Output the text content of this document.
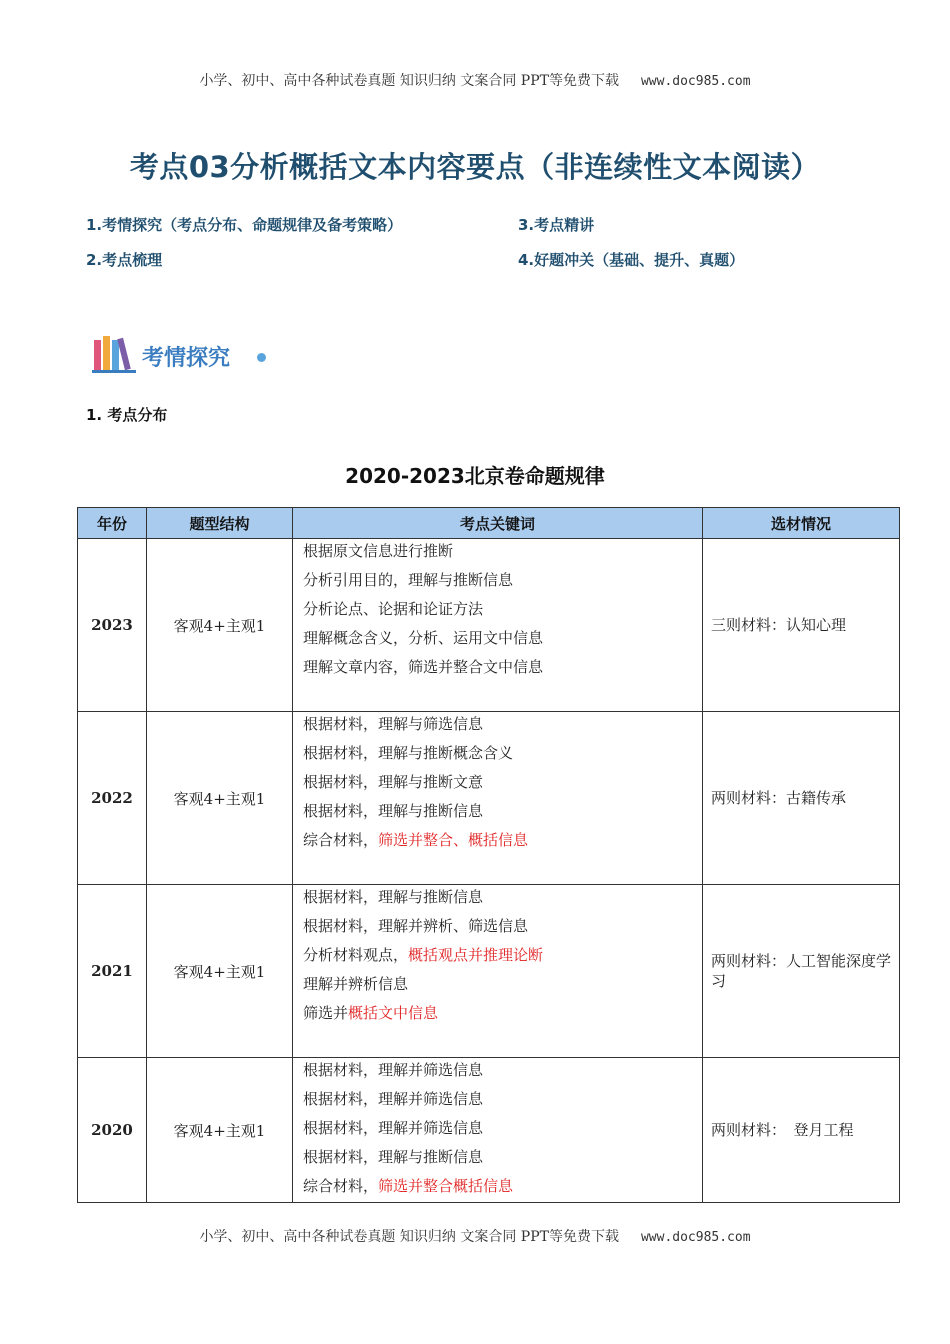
小学、初中、高中各种试卷真题 知识归纳 文案合同 PPT等免费下载 www.doc985.com
考点03分析概括文本内容要点（非连续性文本阅读）
1.考情探究（考点分布、命题规律及备考策略）
2.考点梳理
3.考点精讲
4.好题冲关（基础、提升、真题）
考情探究
1. 考点分布
2020-2023北京卷命题规律
年份	题型结构	考点关键词	选材情况
2023	客观4+主观1	根据原文信息进行推断
分析引用目的，理解与推断信息
分析论点、论据和论证方法
理解概念含义，分析、运用文中信息
理解文章内容，筛选并整合文中信息	三则材料：认知心理
2022	客观4+主观1	根据材料，理解与筛选信息
根据材料，理解与推断概念含义
根据材料，理解与推断文意
根据材料，理解与推断信息
综合材料，筛选并整合、概括信息	两则材料：古籍传承
2021	客观4+主观1	根据材料，理解与推断信息
根据材料，理解并辨析、筛选信息
分析材料观点，概括观点并推理论断
理解并辨析信息
筛选并概括文中信息	两则材料：人工智能深度学习
2020	客观4+主观1	根据材料，理解并筛选信息
根据材料，理解并筛选信息
根据材料，理解并筛选信息
根据材料，理解与推断信息
综合材料，筛选并整合概括信息	两则材料：　登月工程
小学、初中、高中各种试卷真题 知识归纳 文案合同 PPT等免费下载 www.doc985.com
